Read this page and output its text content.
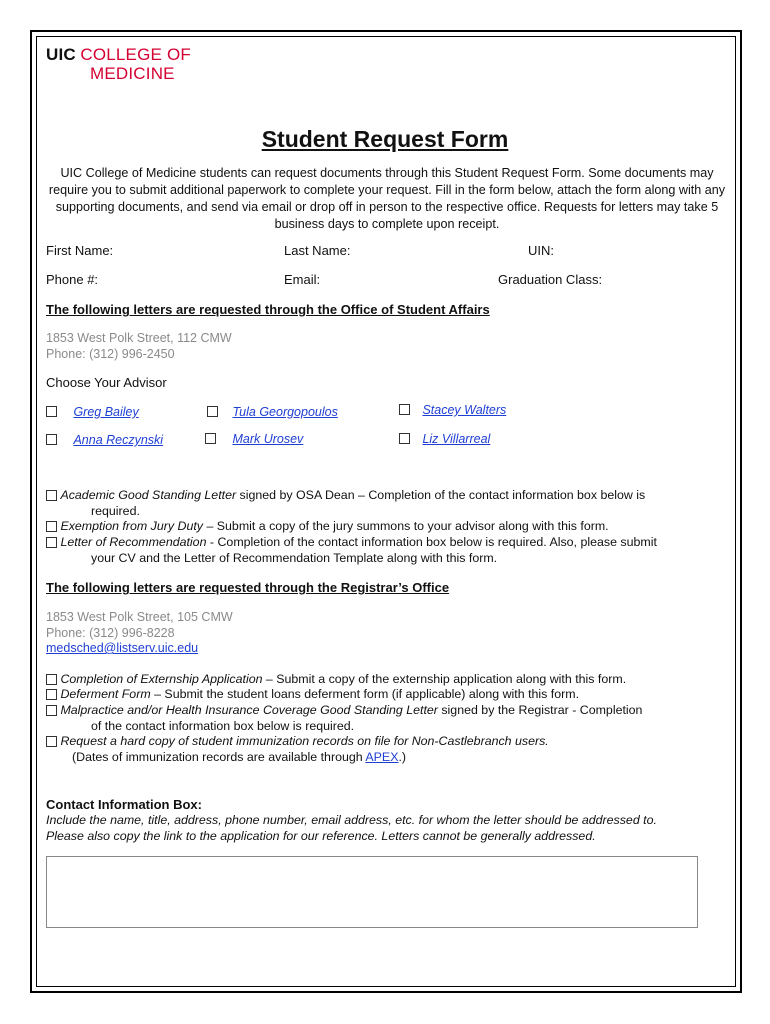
UIC COLLEGE OF
MEDICINE
Student Request Form
UIC College of Medicine students can request documents through this Student Request Form. Some documents may require you to submit additional paperwork to complete your request. Fill in the form below, attach the form along with any supporting documents, and send via email or drop off in person to the respective office. Requests for letters may take 5 business days to complete upon receipt.
First Name:	Last Name:	UIN:
Phone #:	Email:	Graduation Class:
The following letters are requested through the Office of Student Affairs
1853 West Polk Street, 112 CMW
Phone: (312) 996-2450
Choose Your Advisor
Greg Bailey	Tula Georgopoulos	Stacey Walters
Anna Reczynski	Mark Urosev	Liz Villarreal
Academic Good Standing Letter signed by OSA Dean – Completion of the contact information box below is
required.
Exemption from Jury Duty – Submit a copy of the jury summons to your advisor along with this form.
Letter of Recommendation - Completion of the contact information box below is required. Also, please submit
your CV and the Letter of Recommendation Template along with this form.
The following letters are requested through the Registrar’s Office
1853 West Polk Street, 105 CMW
Phone: (312) 996-8228
medsched@listserv.uic.edu
Completion of Externship Application – Submit a copy of the externship application along with this form.
Deferment Form – Submit the student loans deferment form (if applicable) along with this form.
Malpractice and/or Health Insurance Coverage Good Standing Letter signed by the Registrar - Completion
of the contact information box below is required.
Request a hard copy of student immunization records on file for Non-Castlebranch users.
(Dates of immunization records are available through APEX.)
Contact Information Box:
Include the name, title, address, phone number, email address, etc. for whom the letter should be addressed to.
Please also copy the link to the application for our reference. Letters cannot be generally addressed.
